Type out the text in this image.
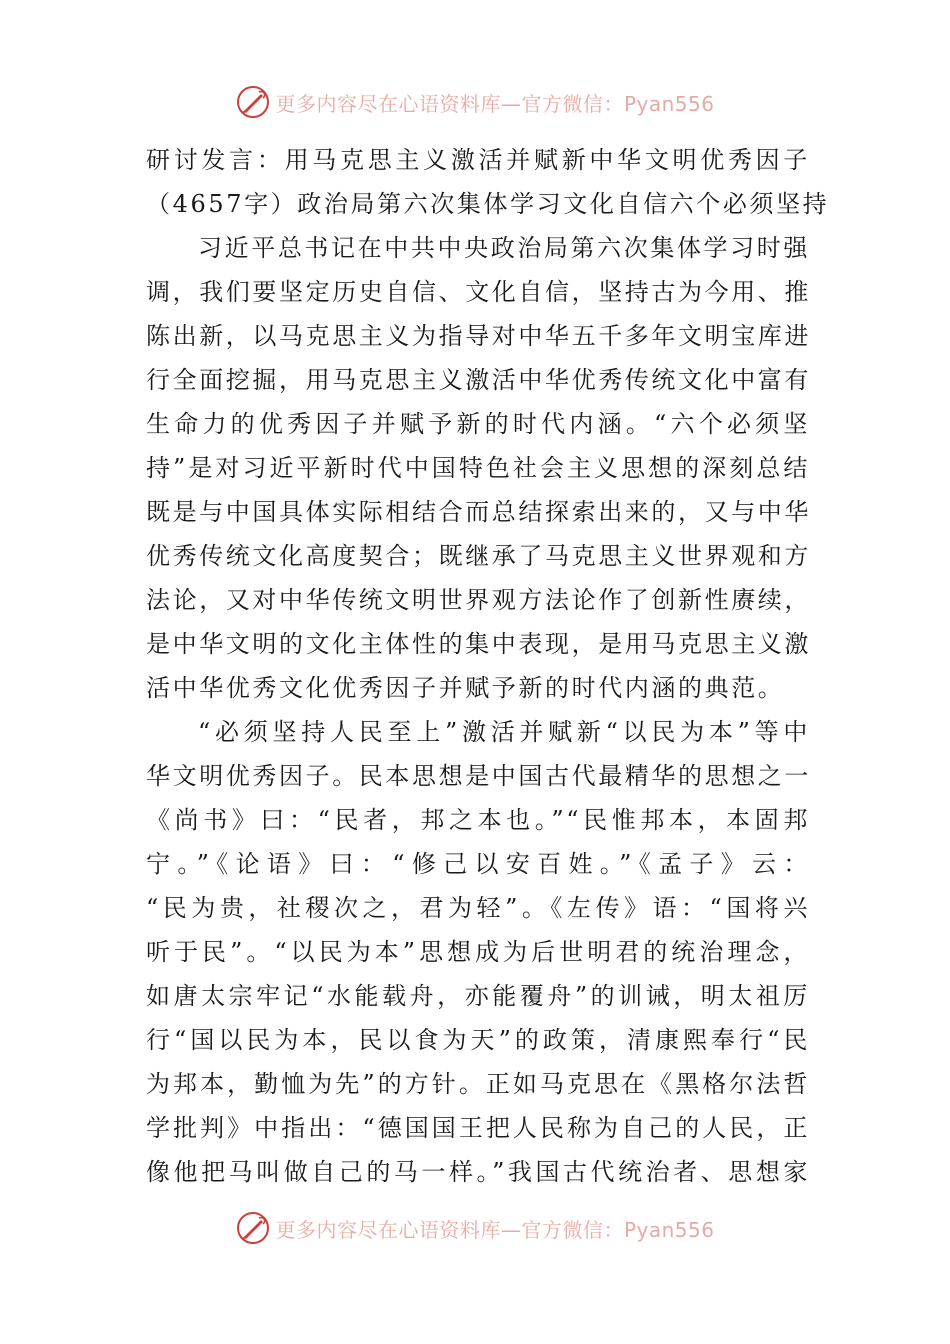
更多内容尽在心语资料库—官方微信：Pyan556
研讨发言：用马克思主义激活并赋新中华文明优秀因子
（4657字）政治局第六次集体学习文化自信六个必须坚持
习近平总书记在中共中央政治局第六次集体学习时强
调，我们要坚定历史自信、文化自信，坚持古为今用、推
陈出新，以马克思主义为指导对中华五千多年文明宝库进
行全面挖掘，用马克思主义激活中华优秀传统文化中富有
生命力的优秀因子并赋予新的时代内涵。“六个必须坚
持”是对习近平新时代中国特色社会主义思想的深刻总结
既是与中国具体实际相结合而总结探索出来的，又与中华
优秀传统文化高度契合；既继承了马克思主义世界观和方
法论，又对中华传统文明世界观方法论作了创新性赓续，
是中华文明的文化主体性的集中表现，是用马克思主义激
活中华优秀文化优秀因子并赋予新的时代内涵的典范。
“必须坚持人民至上”激活并赋新“以民为本”等中
华文明优秀因子。民本思想是中国古代最精华的思想之一
《尚书》曰：“民者，邦之本也。”“民惟邦本，本固邦
宁。”《论语》曰：“修己以安百姓。”《孟子》云：
“民为贵，社稷次之，君为轻”。《左传》语：“国将兴
听于民”。“以民为本”思想成为后世明君的统治理念，
如唐太宗牢记“水能载舟，亦能覆舟”的训诫，明太祖厉
行“国以民为本，民以食为天”的政策，清康熙奉行“民
为邦本，勤恤为先”的方针。正如马克思在《黑格尔法哲
学批判》中指出：“德国国王把人民称为自己的人民，正
像他把马叫做自己的马一样。”我国古代统治者、思想家
更多内容尽在心语资料库—官方微信：Pyan556
